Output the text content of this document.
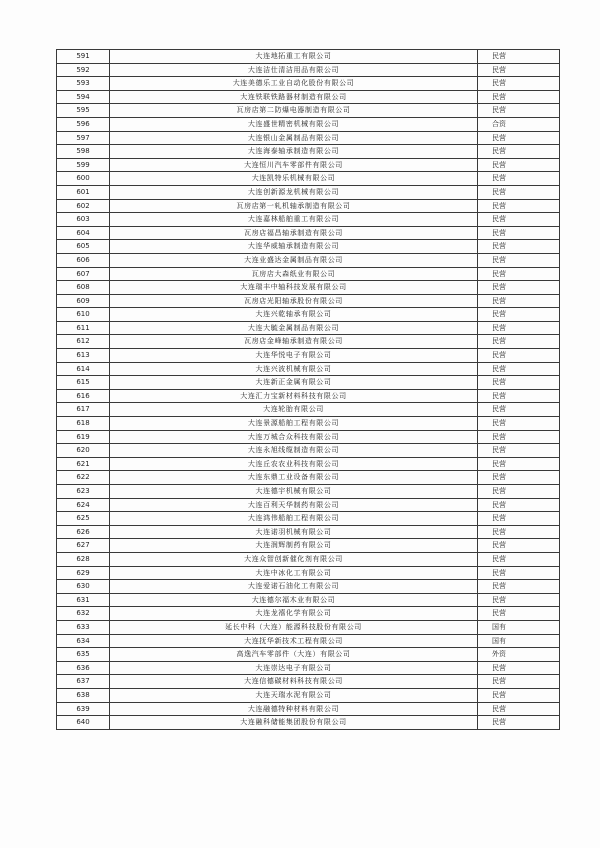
591	大连地拓重工有限公司	民营
592	大连洁仕清洁用品有限公司	民营
593	大连美德乐工业自动化股份有限公司	民营
594	大连铁联铁路器材制造有限公司	民营
595	瓦房店第二防爆电器制造有限公司	民营
596	大连盛世精密机械有限公司	合资
597	大连银山金属制品有限公司	民营
598	大连海泰轴承制造有限公司	民营
599	大连恒川汽车零部件有限公司	民营
600	大连凯特乐机械有限公司	民营
601	大连创新源龙机械有限公司	民营
602	瓦房店第一轧机轴承制造有限公司	民营
603	大连嘉林船舶重工有限公司	民营
604	瓦房店福昌轴承制造有限公司	民营
605	大连华威轴承制造有限公司	民营
606	大连业盛达金属制品有限公司	民营
607	瓦房店大森纸业有限公司	民营
608	大连瑞丰中轴科技发展有限公司	民营
609	瓦房店光阳轴承股份有限公司	民营
610	大连兴乾轴承有限公司	民营
611	大连大毓金属制品有限公司	民营
612	瓦房店金峰轴承制造有限公司	民营
613	大连华悦电子有限公司	民营
614	大连兴波机械有限公司	民营
615	大连新正金属有限公司	民营
616	大连汇力宝新材料科技有限公司	民营
617	大连轮胎有限公司	民营
618	大连景源船舶工程有限公司	民营
619	大连万城合众科技有限公司	民营
620	大连永旭线缆制造有限公司	民营
621	大连丘农农业科技有限公司	民营
622	大连东鼎工业设备有限公司	民营
623	大连德宇机械有限公司	民营
624	大连百利天华制药有限公司	民营
625	大连鸿伟船舶工程有限公司	民营
626	大连诺羽机械有限公司	民营
627	大连润辉制药有限公司	民营
628	大连众智创新催化剂有限公司	民营
629	大连中冰化工有限公司	民营
630	大连爱诺石油化工有限公司	民营
631	大连德尔福木业有限公司	民营
632	大连龙禧化学有限公司	民营
633	延长中科（大连）能源科技股份有限公司	国有
634	大连抚华新技术工程有限公司	国有
635	高逸汽车零部件（大连）有限公司	外资
636	大连崇达电子有限公司	民营
637	大连信德碳材料科技有限公司	民营
638	大连天瑞水泥有限公司	民营
639	大连融德特种材料有限公司	民营
640	大连融科储能集团股份有限公司	民营
